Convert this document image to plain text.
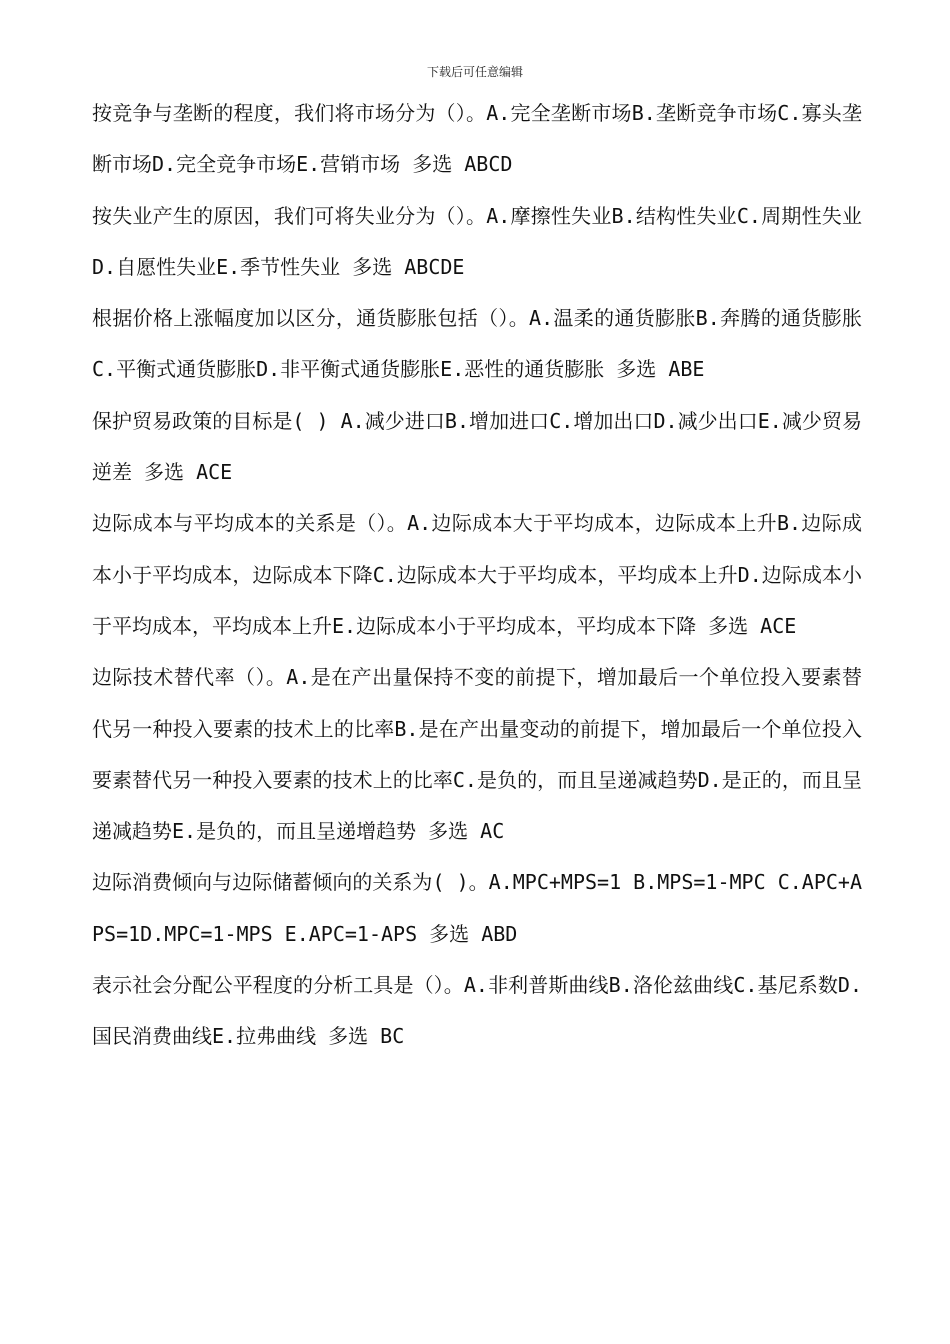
下载后可任意编辑

按竞争与垄断的程度，我们将市场分为（）。A.完全垄断市场B.垄断竞争市场C.寡头垄断市场D.完全竞争市场E.营销市场 多选 ABCD

按失业产生的原因，我们可将失业分为（）。A.摩擦性失业B.结构性失业C.周期性失业D.自愿性失业E.季节性失业 多选 ABCDE

根据价格上涨幅度加以区分，通货膨胀包括（）。A.温柔的通货膨胀B.奔腾的通货膨胀C.平衡式通货膨胀D.非平衡式通货膨胀E.恶性的通货膨胀 多选 ABE

保护贸易政策的目标是( ) A.减少进口B.增加进口C.增加出口D.减少出口E.减少贸易逆差 多选 ACE

边际成本与平均成本的关系是（）。A.边际成本大于平均成本，边际成本上升B.边际成本小于平均成本，边际成本下降C.边际成本大于平均成本，平均成本上升D.边际成本小于平均成本，平均成本上升E.边际成本小于平均成本，平均成本下降 多选 ACE

边际技术替代率（）。A.是在产出量保持不变的前提下，增加最后一个单位投入要素替代另一种投入要素的技术上的比率B.是在产出量变动的前提下，增加最后一个单位投入要素替代另一种投入要素的技术上的比率C.是负的，而且呈递减趋势D.是正的，而且呈递减趋势E.是负的，而且呈递增趋势 多选 AC

边际消费倾向与边际储蓄倾向的关系为( )。A.MPC+MPS=1 B.MPS=1-MPC C.APC+APS=1D.MPC=1-MPS E.APC=1-APS 多选 ABD

表示社会分配公平程度的分析工具是（）。A.非利普斯曲线B.洛伦兹曲线C.基尼系数D.国民消费曲线E.拉弗曲线 多选 BC
